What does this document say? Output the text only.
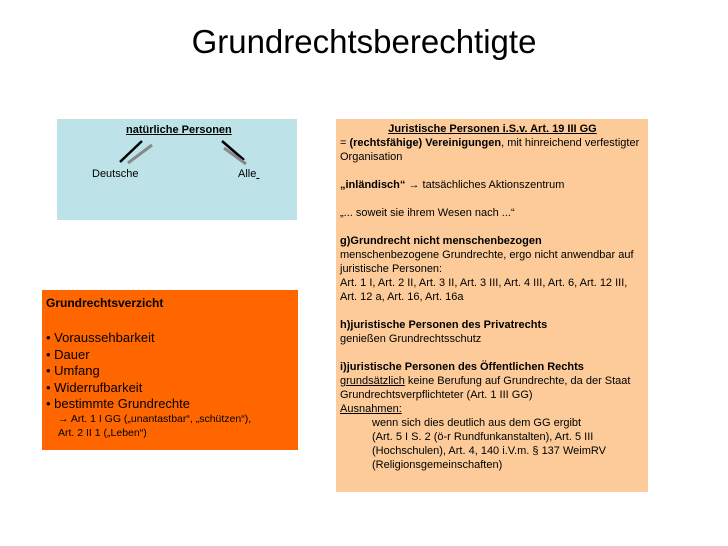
Grundrechtsberechtigte
natürliche Personen
Deutsche	Alle
Grundrechtsverzicht
• Voraussehbarkeit
• Dauer
• Umfang
• Widerrufbarkeit
• bestimmte Grundrechte
→ Art. 1 I GG („unantastbar“, „schützen“),
Art. 2 II 1 („Leben“)

Juristische Personen i.S.v. Art. 19 III GG

= (rechtsfähige) Vereinigungen, mit hinreichend verfestigter Organisation

„inländisch“ → tatsächliches Aktionszentrum

„... soweit sie ihrem Wesen nach ...“

g)Grundrecht nicht menschenbezogen

menschenbezogene Grundrechte, ergo nicht anwendbar auf juristische Personen:

Art. 1 I, Art. 2 II, Art. 3 II, Art. 3 III, Art. 4 III, Art. 6, Art. 12 III, Art. 12 a, Art. 16, Art. 16a

h)juristische Personen des Privatrechts

genießen Grundrechtsschutz

i)juristische Personen des Öffentlichen Rechts

grundsätzlich keine Berufung auf Grundrechte, da der Staat Grundrechtsverpflichteter (Art. 1 III GG)

Ausnahmen:

wenn sich dies deutlich aus dem GG ergibt

(Art. 5 I S. 2 (ö-r Rundfunkanstalten), Art. 5 III

(Hochschulen), Art. 4, 140 i.V.m. § 137 WeimRV

(Religionsgemeinschaften)
